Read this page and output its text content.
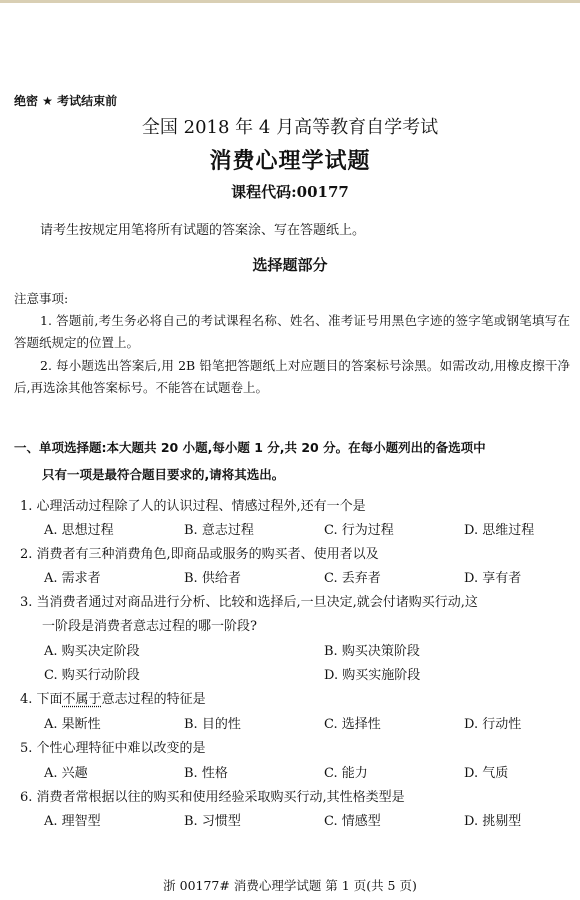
绝密 ★ 考试结束前
全国 2018 年 4 月高等教育自学考试
消费心理学试题
课程代码:00177
请考生按规定用笔将所有试题的答案涂、写在答题纸上。
选择题部分
注意事项:
1. 答题前,考生务必将自己的考试课程名称、姓名、准考证号用黑色字迹的签字笔或钢笔填写在答题纸规定的位置上。
2. 每小题选出答案后,用 2B 铅笔把答题纸上对应题目的答案标号涂黑。如需改动,用橡皮擦干净后,再选涂其他答案标号。不能答在试题卷上。
一、单项选择题:本大题共 20 小题,每小题 1 分,共 20 分。在每小题列出的备选项中
只有一项是最符合题目要求的,请将其选出。
1. 心理活动过程除了人的认识过程、情感过程外,还有一个是
A. 思想过程	B. 意志过程	C. 行为过程	D. 思维过程
2. 消费者有三种消费角色,即商品或服务的购买者、使用者以及
A. 需求者	B. 供给者	C. 丢弃者	D. 享有者
3. 当消费者通过对商品进行分析、比较和选择后,一旦决定,就会付诸购买行动,这
一阶段是消费者意志过程的哪一阶段?
A. 购买决定阶段	B. 购买决策阶段
C. 购买行动阶段	D. 购买实施阶段
4. 下面不属于意志过程的特征是
A. 果断性	B. 目的性	C. 选择性	D. 行动性
5. 个性心理特征中难以改变的是
A. 兴趣	B. 性格	C. 能力	D. 气质
6. 消费者常根据以往的购买和使用经验采取购买行动,其性格类型是
A. 理智型	B. 习惯型	C. 情感型	D. 挑剔型
浙 00177# 消费心理学试题 第 1 页(共 5 页)
